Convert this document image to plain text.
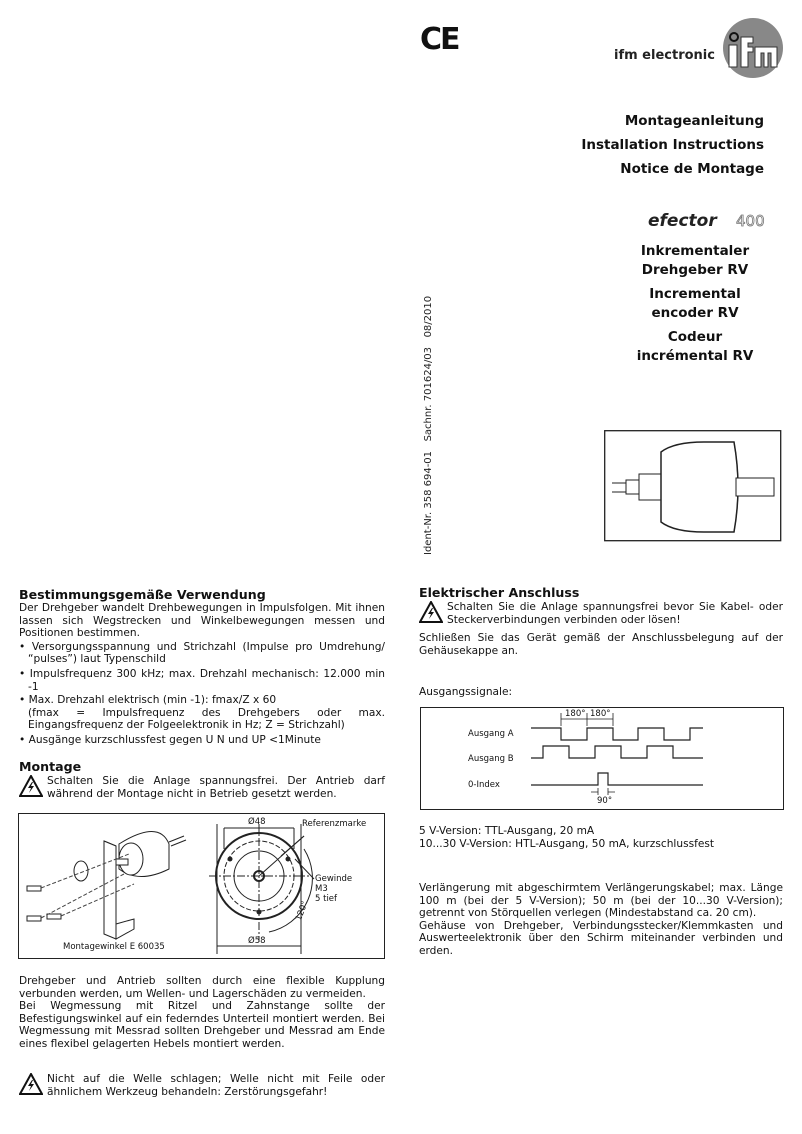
CE	ifm electronic
Montageanleitung
Installation Instructions
Notice de Montage
efector 400
Inkrementaler Drehgeber RV
Incremental encoder RV
Codeur incrémental RV
Ident-Nr. 358 694-01   Sachnr. 701624/03   08/2010
Bestimmungsgemäße Verwendung
Der Drehgeber wandelt Drehbewegungen in Impulsfolgen. Mit ihnen lassen sich Wegstrecken und Winkelbewegungen messen und Positionen bestimmen.
• Versorgungsspannung und Strichzahl (Impulse pro Umdrehung/ “pulses”) laut Typenschild
• Impulsfrequenz 300 kHz; max. Drehzahl mechanisch: 12.000 min -1
• Max. Drehzahl elektrisch (min -1): fmax/Z x 60
(fmax = Impulsfrequenz des Drehgebers oder max. Eingangsfrequenz der Folgeelektronik in Hz; Z = Strichzahl)
• Ausgänge kurzschlussfest gegen U N und UP <1Minute
Montage
Schalten Sie die Anlage spannungsfrei. Der Antrieb darf während der Montage nicht in Betrieb gesetzt werden.
Montagewinkel E 60035
Ø48
Ø58
Referenzmarke
Gewinde
M3
5 tief
120°
Drehgeber und Antrieb sollten durch eine flexible Kupplung verbunden werden, um Wellen- und Lagerschäden zu vermeiden.
Bei Wegmessung mit Ritzel und Zahnstange sollte der Befestigungswinkel auf ein federndes Unterteil montiert werden. Bei Wegmessung mit Messrad sollten Drehgeber und Messrad am Ende eines flexibel gelagerten Hebels montiert werden.
Nicht auf die Welle schlagen; Welle nicht mit Feile oder ähnlichem Werkzeug behandeln: Zerstörungsgefahr!
Elektrischer Anschluss
Schalten Sie die Anlage spannungsfrei bevor Sie Kabel- oder Steckerverbindungen verbinden oder lösen!
Schließen Sie das Gerät gemäß der Anschlussbelegung auf der Gehäusekappe an.
Ausgangssignale:
Ausgang A
Ausgang B
0-Index
180° 180°
90°
5 V-Version: TTL-Ausgang, 20 mA
10...30 V-Version: HTL-Ausgang, 50 mA, kurzschlussfest
Verlängerung mit abgeschirmtem Verlängerungskabel; max. Länge 100 m (bei der 5 V-Version); 50 m (bei der 10...30 V-Version); getrennt von Störquellen verlegen (Mindestabstand ca. 20 cm).
Gehäuse von Drehgeber, Verbindungsstecker/Klemmkasten und Auswerteelektronik über den Schirm miteinander verbinden und erden.
